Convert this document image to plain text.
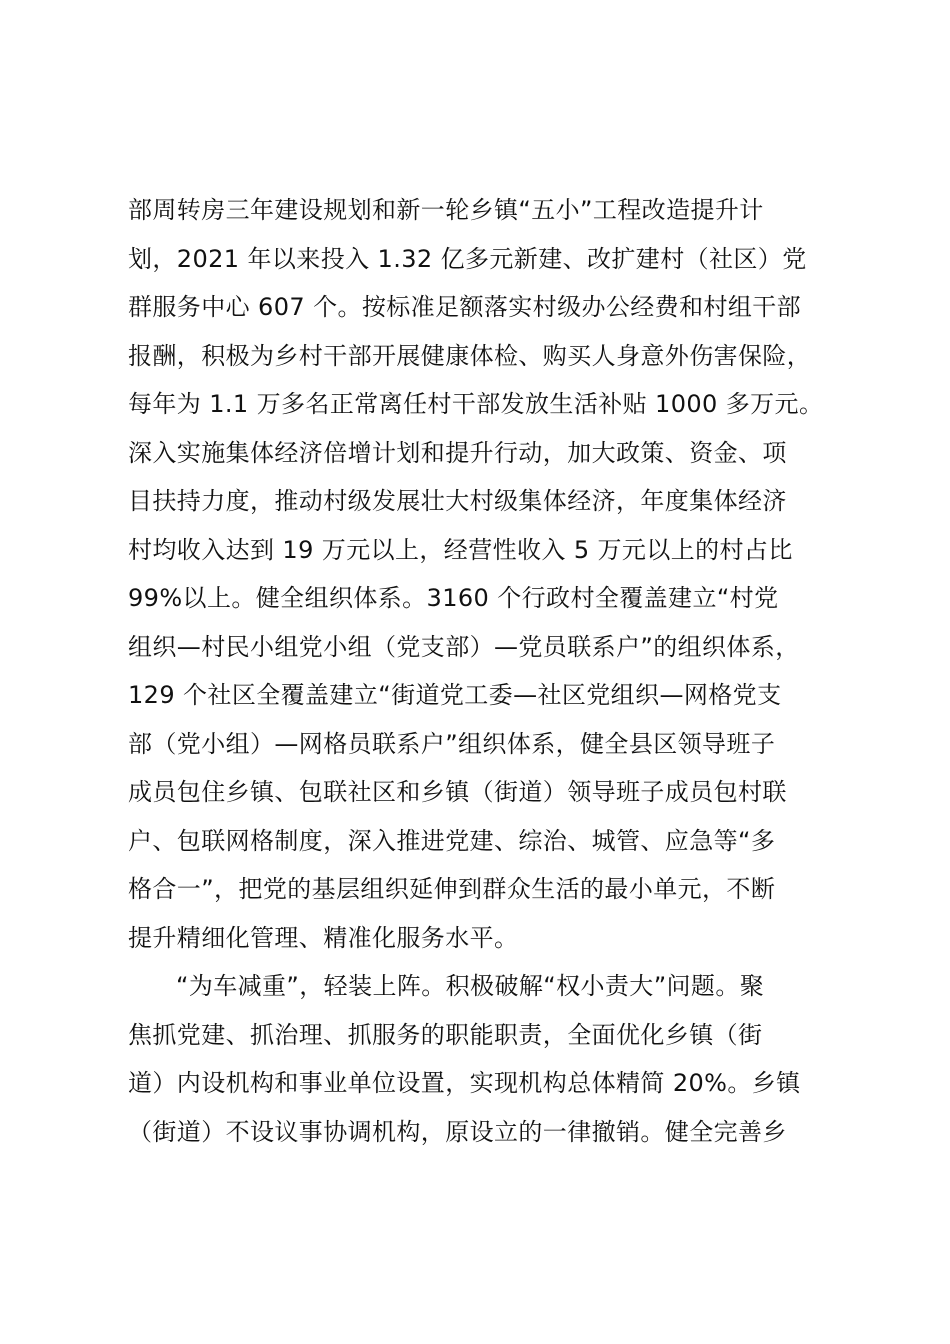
部周转房三年建设规划和新一轮乡镇“五小”工程改造提升计
划，2021 年以来投入 1.32 亿多元新建、改扩建村（社区）党
群服务中心 607 个。按标准足额落实村级办公经费和村组干部
报酬，积极为乡村干部开展健康体检、购买人身意外伤害保险，
每年为 1.1 万多名正常离任村干部发放生活补贴 1000 多万元。
深入实施集体经济倍增计划和提升行动，加大政策、资金、项
目扶持力度，推动村级发展壮大村级集体经济，年度集体经济
村均收入达到 19 万元以上，经营性收入 5 万元以上的村占比
99%以上。健全组织体系。3160 个行政村全覆盖建立“村党
组织—村民小组党小组（党支部）—党员联系户”的组织体系，
129 个社区全覆盖建立“街道党工委—社区党组织—网格党支
部（党小组）—网格员联系户”组织体系，健全县区领导班子
成员包住乡镇、包联社区和乡镇（街道）领导班子成员包村联
户、包联网格制度，深入推进党建、综治、城管、应急等“多
格合一”，把党的基层组织延伸到群众生活的最小单元，不断
提升精细化管理、精准化服务水平。
“为车减重”，轻装上阵。积极破解“权小责大”问题。聚
焦抓党建、抓治理、抓服务的职能职责，全面优化乡镇（街
道）内设机构和事业单位设置，实现机构总体精简 20%。乡镇
（街道）不设议事协调机构，原设立的一律撤销。健全完善乡
